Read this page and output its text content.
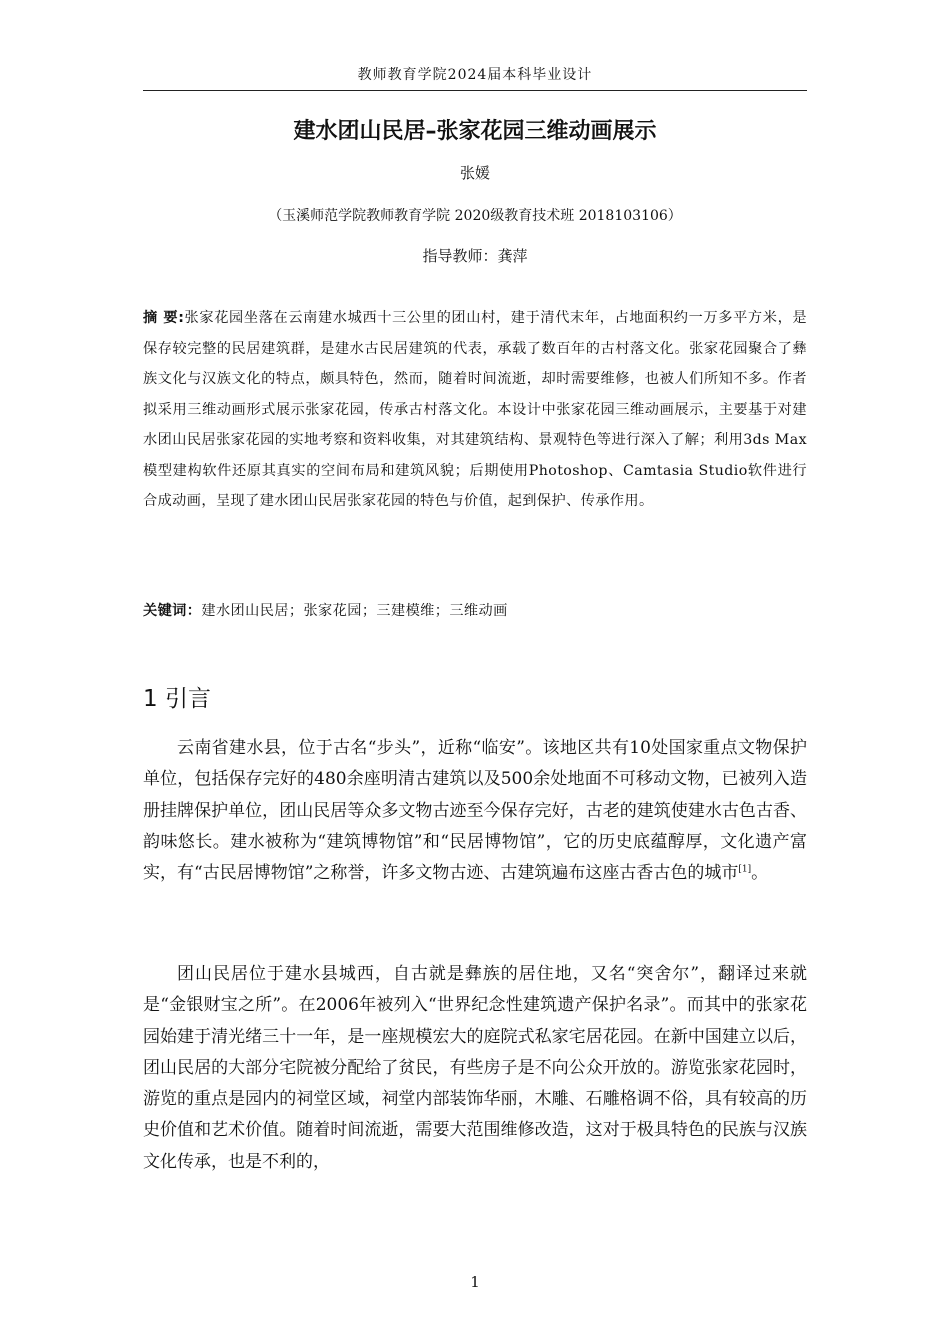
教师教育学院2024届本科毕业设计
建水团山民居–张家花园三维动画展示
张媛
（玉溪师范学院教师教育学院 2020级教育技术班 2018103106）
指导教师：龚萍
摘 要:张家花园坐落在云南建水城西十三公里的团山村，建于清代末年，占地面积约一万多平方米，是保存较完整的民居建筑群，是建水古民居建筑的代表，承载了数百年的古村落文化。张家花园聚合了彝族文化与汉族文化的特点，颇具特色，然而，随着时间流逝，却时需要维修，也被人们所知不多。作者拟采用三维动画形式展示张家花园，传承古村落文化。本设计中张家花园三维动画展示，主要基于对建水团山民居张家花园的实地考察和资料收集，对其建筑结构、景观特色等进行深入了解；利用3ds Max模型建构软件还原其真实的空间布局和建筑风貌；后期使用Photoshop、Camtasia Studio软件进行合成动画，呈现了建水团山民居张家花园的特色与价值，起到保护、传承作用。
关键词：建水团山民居；张家花园；三建模维；三维动画
1 引言

云南省建水县，位于古名“步头”，近称“临安”。该地区共有10处国家重点文物保护单位，包括保存完好的480余座明清古建筑以及500余处地面不可移动文物，已被列入造册挂牌保护单位，团山民居等众多文物古迹至今保存完好，古老的建筑使建水古色古香、韵味悠长。建水被称为“建筑博物馆”和“民居博物馆”，它的历史底蕴醇厚，文化遗产富实，有“古民居博物馆”之称誉，许多文物古迹、古建筑遍布这座古香古色的城市[1]。

团山民居位于建水县城西，自古就是彝族的居住地，又名“突舍尔”，翻译过来就是“金银财宝之所”。在2006年被列入“世界纪念性建筑遗产保护名录”。而其中的张家花园始建于清光绪三十一年，是一座规模宏大的庭院式私家宅居花园。在新中国建立以后，团山民居的大部分宅院被分配给了贫民，有些房子是不向公众开放的。游览张家花园时，游览的重点是园内的祠堂区域，祠堂内部装饰华丽，木雕、石雕格调不俗，具有较高的历史价值和艺术价值。随着时间流逝，需要大范围维修改造，这对于极具特色的民族与汉族文化传承，也是不利的，

1
